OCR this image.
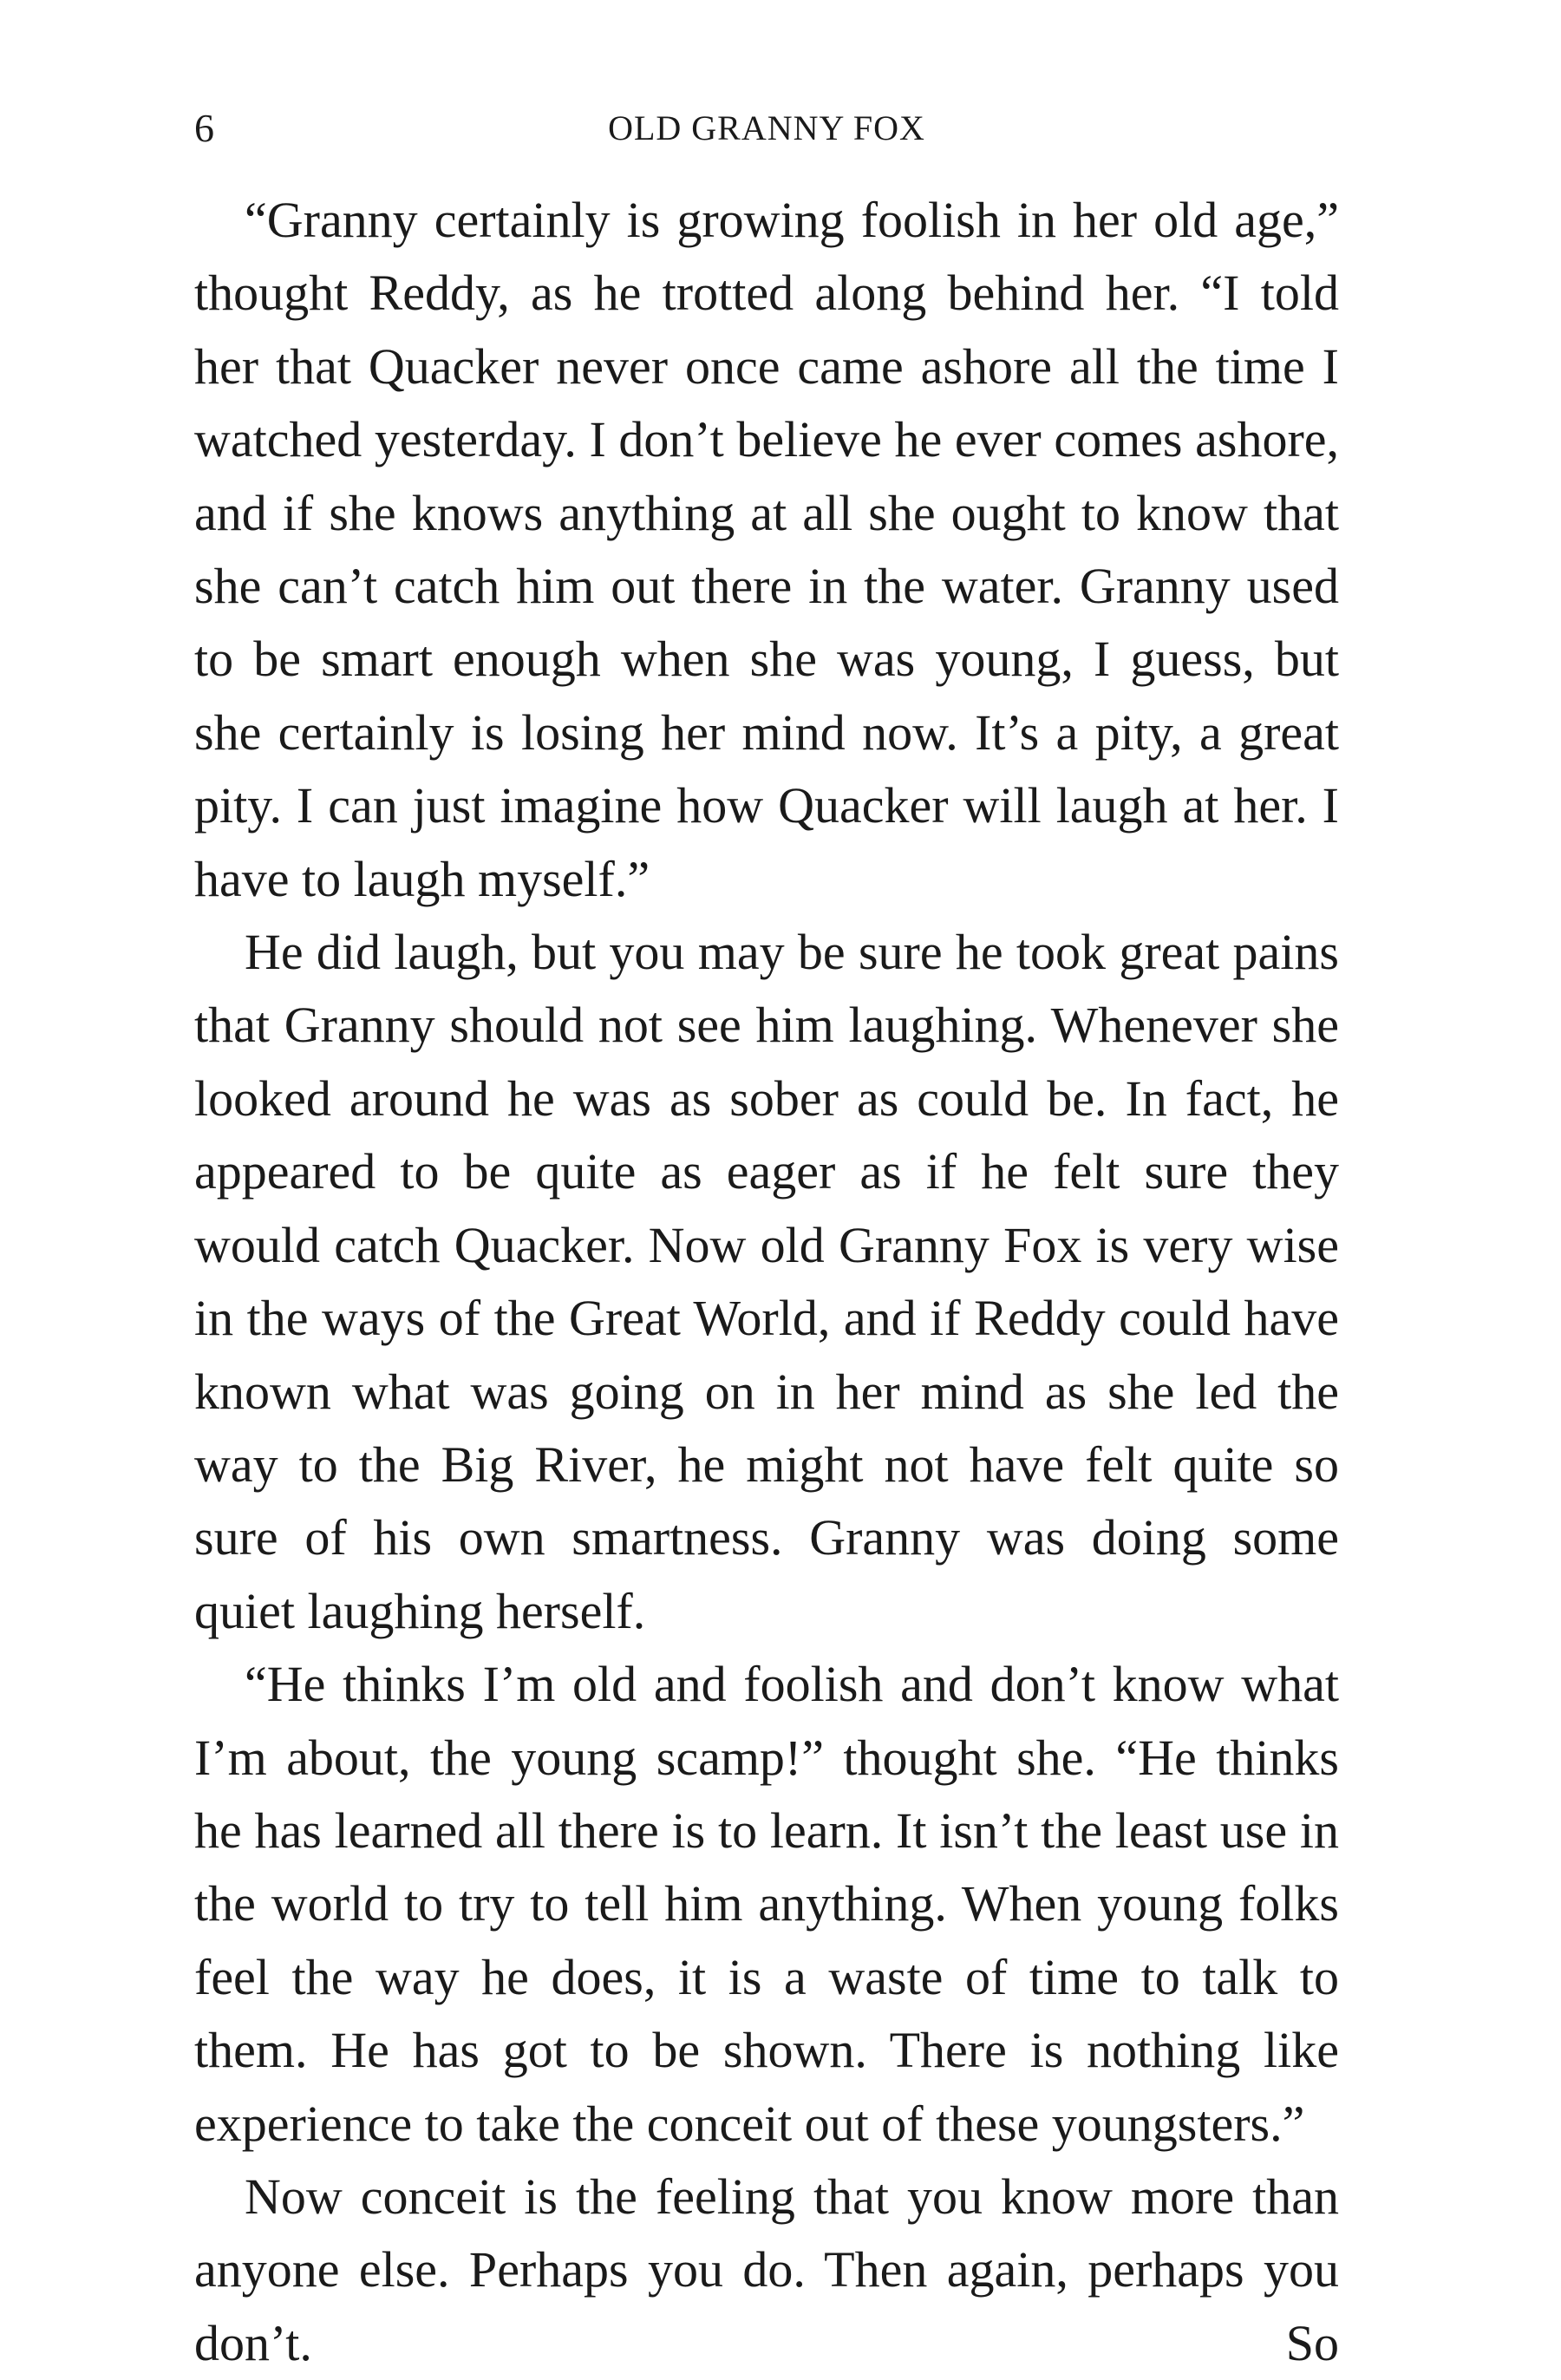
6	OLD GRANNY FOX

“Granny certainly is growing foolish in her old age,” thought Reddy, as he trotted along behind her. “I told her that Quacker never once came ashore all the time I watched yesterday. I don’t believe he ever comes ashore, and if she knows anything at all she ought to know that she can’t catch him out there in the water. Granny used to be smart enough when she was young, I guess, but she certainly is losing her mind now. It’s a pity, a great pity. I can just imagine how Quacker will laugh at her. I have to laugh myself.”

He did laugh, but you may be sure he took great pains that Granny should not see him laughing. Whenever she looked around he was as sober as could be. In fact, he appeared to be quite as eager as if he felt sure they would catch Quacker. Now old Granny Fox is very wise in the ways of the Great World, and if Reddy could have known what was going on in her mind as she led the way to the Big River, he might not have felt quite so sure of his own smartness. Granny was doing some quiet laughing herself.

“He thinks I’m old and foolish and don’t know what I’m about, the young scamp!” thought she. “He thinks he has learned all there is to learn. It isn’t the least use in the world to try to tell him anything. When young folks feel the way he does, it is a waste of time to talk to them. He has got to be shown. There is nothing like experience to take the conceit out of these youngsters.”

Now conceit is the feeling that you know more than anyone else. Perhaps you do. Then again, perhaps you don’t. So
